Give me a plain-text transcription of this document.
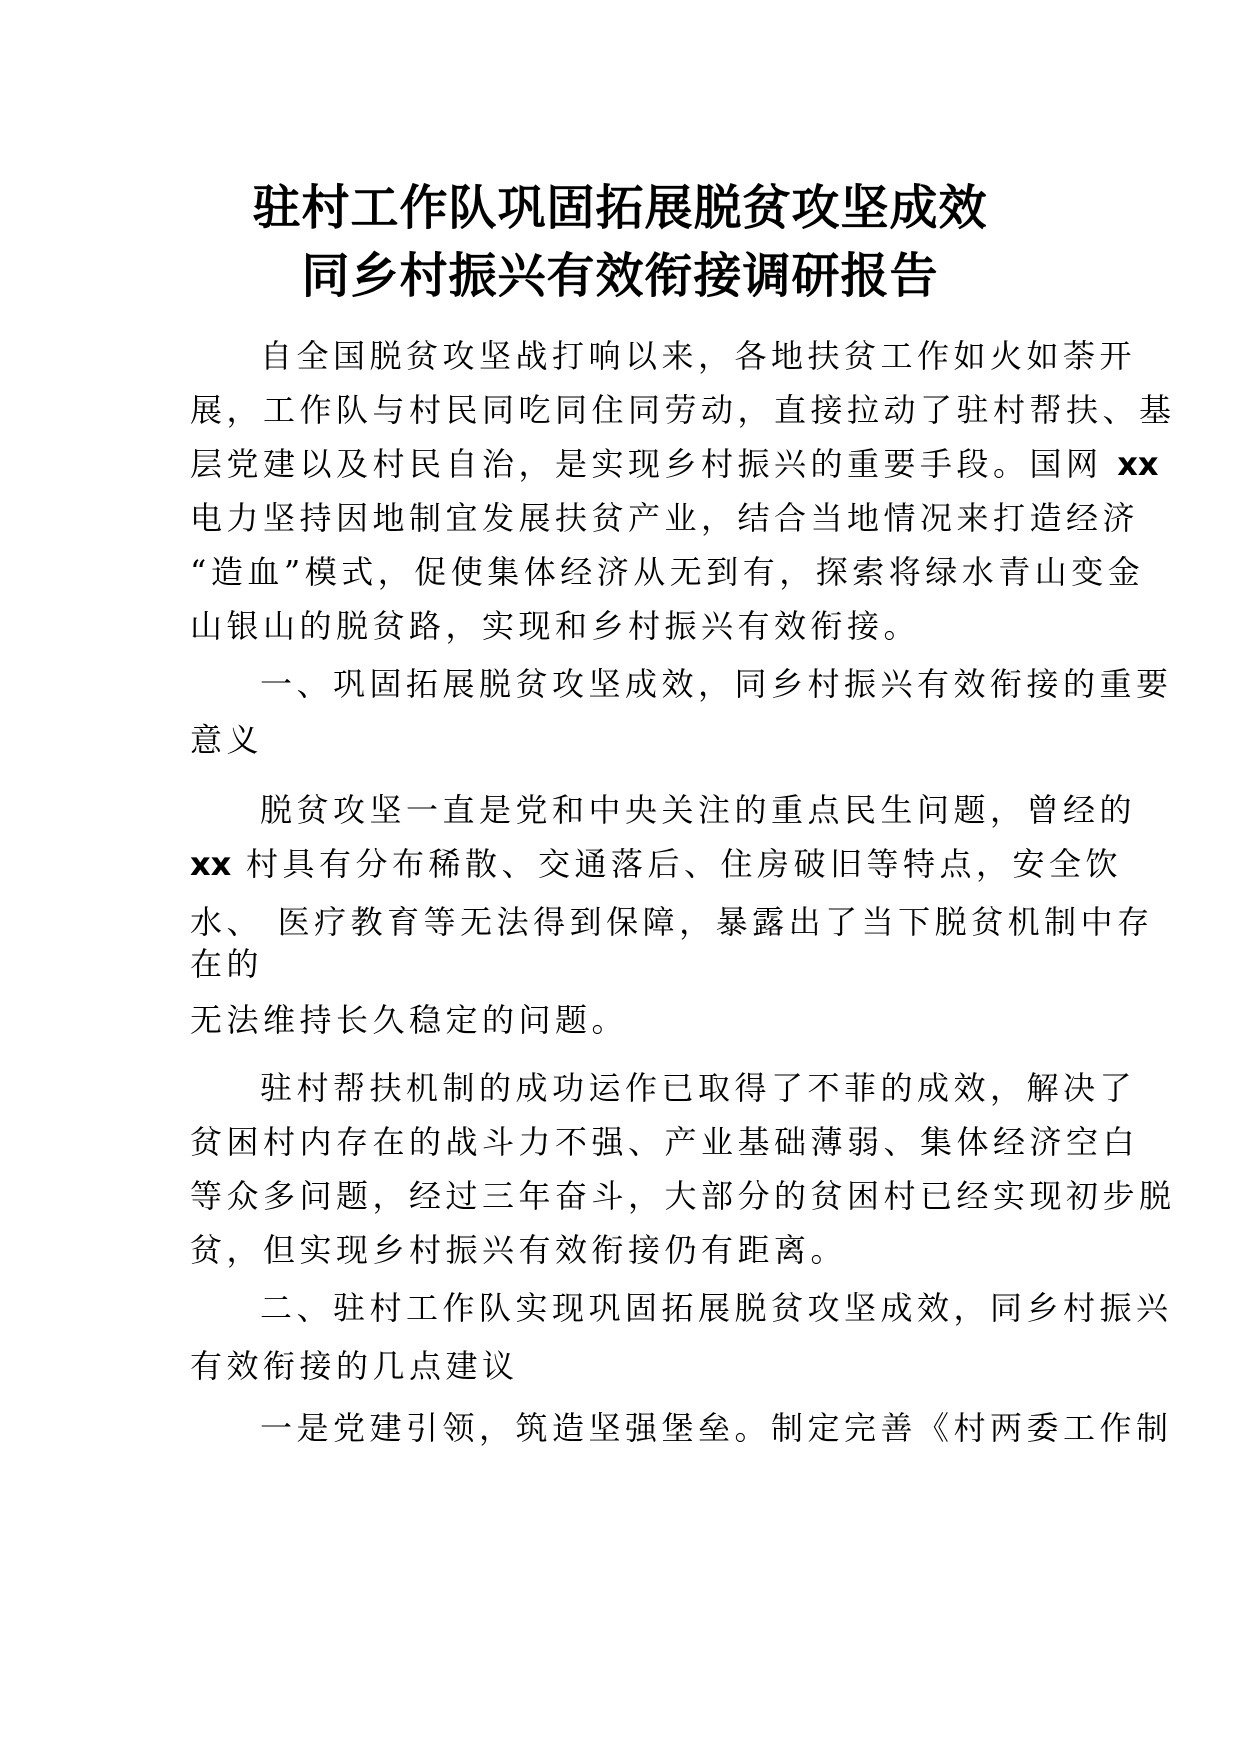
驻村工作队巩固拓展脱贫攻坚成效
同乡村振兴有效衔接调研报告

自全国脱贫攻坚战打响以来，各地扶贫工作如火如荼开

展，工作队与村民同吃同住同劳动，直接拉动了驻村帮扶、基

层党建以及村民自治，是实现乡村振兴的重要手段。国网 xx

电力坚持因地制宜发展扶贫产业，结合当地情况来打造经济

“造血”模式，促使集体经济从无到有，探索将绿水青山变金

山银山的脱贫路，实现和乡村振兴有效衔接。

一、巩固拓展脱贫攻坚成效，同乡村振兴有效衔接的重要

意义

脱贫攻坚一直是党和中央关注的重点民生问题，曾经的

xx 村具有分布稀散、交通落后、住房破旧等特点，安全饮

水、 医疗教育等无法得到保障，暴露出了当下脱贫机制中存

在的

无法维持长久稳定的问题。

驻村帮扶机制的成功运作已取得了不菲的成效，解决了

贫困村内存在的战斗力不强、产业基础薄弱、集体经济空白

等众多问题，经过三年奋斗，大部分的贫困村已经实现初步脱

贫，但实现乡村振兴有效衔接仍有距离。

二、驻村工作队实现巩固拓展脱贫攻坚成效，同乡村振兴

有效衔接的几点建议

一是党建引领，筑造坚强堡垒。制定完善《村两委工作制
